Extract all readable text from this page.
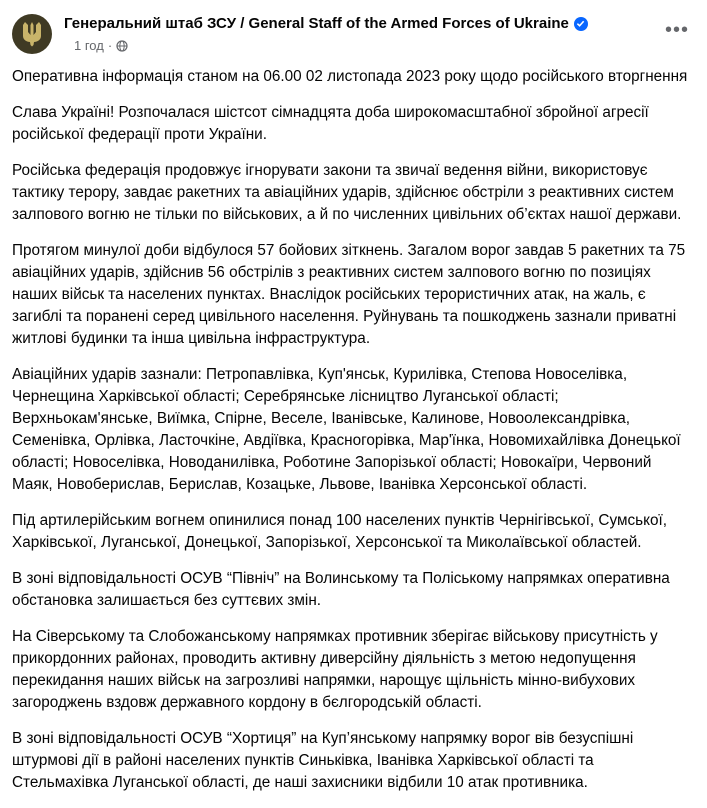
Генеральний штаб ЗСУ / General Staff of the Armed Forces of Ukraine
1 год ·
•••

Оперативна інформація станом на 06.00 02 листопада 2023 року щодо російського вторгнення

Слава Україні! Розпочалася шістсот сімнадцята доба широкомасштабної збройної агресії російської федерації проти України.

Російська федерація продовжує ігнорувати закони та звичаї ведення війни, використовує тактику терору, завдає ракетних та авіаційних ударів, здійснює обстріли з реактивних систем залпового вогню не тільки по військових, а й по численних цивільних об’єктах нашої держави.

Протягом минулої доби відбулося 57 бойових зіткнень. Загалом ворог завдав 5 ракетних та 75 авіаційних ударів, здійснив 56 обстрілів з реактивних систем залпового вогню по позиціях наших військ та населених пунктах. Внаслідок російських терористичних атак, на жаль, є загиблі та поранені серед цивільного населення. Руйнувань та пошкоджень зазнали приватні житлові будинки та інша цивільна інфраструктура.

Авіаційних ударів зазнали: Петропавлівка, Куп'янськ, Курилівка, Степова Новоселівка, Чернещина Харківської області; Серебрянське лісництво Луганської області; Верхньокам'янське, Виїмка, Спірне, Веселе, Іванівське, Калинове, Новоолександрівка, Семенівка, Орлівка, Ласточкіне, Авдіївка, Красногорівка, Мар'їнка, Новомихайлівка Донецької області; Новоселівка, Новоданилівка, Роботине Запорізької області; Новокаїри, Червоний Маяк, Новоберислав, Берислав, Козацьке, Львове, Іванівка Херсонської області.

Під артилерійським вогнем опинилися понад 100 населених пунктів Чернігівської, Сумської, Харківської, Луганської, Донецької, Запорізької, Херсонської та Миколаївської областей.

В зоні відповідальності ОСУВ “Північ” на Волинському та Поліському напрямках оперативна обстановка залишається без суттєвих змін.

На Сіверському та Слобожанському напрямках противник зберігає військову присутність у прикордонних районах, проводить активну диверсійну діяльність з метою недопущення перекидання наших військ на загрозливі напрямки, нарощує щільність мінно-вибухових загороджень вздовж державного кордону в бєлгородській області.

В зоні відповідальності ОСУВ “Хортиця” на Куп’янському напрямку ворог вів безуспішні штурмові дії в районі населених пунктів Синьківка, Іванівка Харківської області та Стельмахівка Луганської області, де наші захисники відбили 10 атак противника.
